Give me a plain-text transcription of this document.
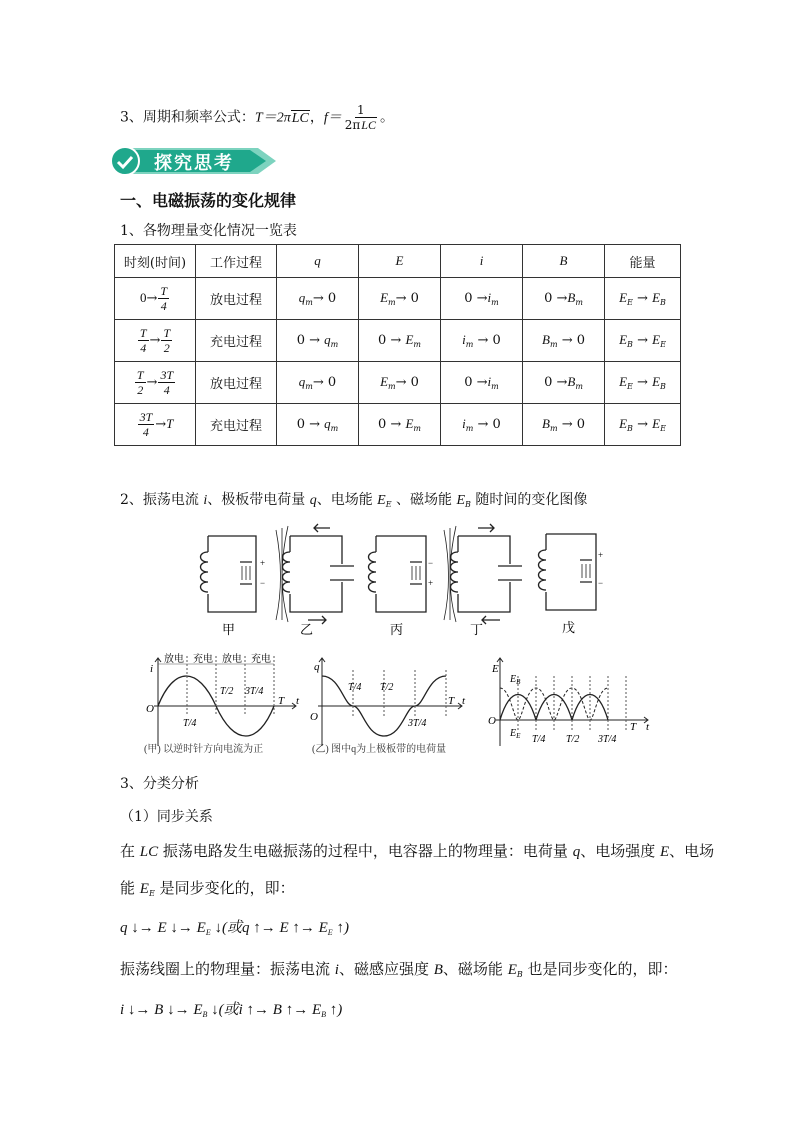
3、周期和频率公式：T＝2πLC，$f= \frac{1}{\text{2πLC}}$ 。
探究思考
一、电磁振荡的变化规律
1、各物理量变化情况一览表
时刻(时间)	工作过程	q	E	i	B	能量
$0\to \frac{T}{4}$	放电过程	$q_m\to 0$	$E_m\to 0$	$0 \to i_m$	$0 \to B_m$	$E_E \to E_B$

$\frac{T}{4} \to \frac{T}{2}$	充电过程	$0 \to q_m$	$0 \to E_m$	$i_m \to 0$	$B_m \to 0$	$E_B \to E_E$

$\frac{T}{2} \to \frac{3T}{4}$	放电过程	$q_m\to 0$	$E_m\to 0$	$0 \to i_m$	$0 \to B_m$	$E_E \to E_B$

$\frac{3T}{4} \to T$	充电过程	$0 \to q_m$	$0 \to E_m$	$i_m \to 0$	$B_m \to 0$	$E_B \to E_E$
2、振荡电流 i、极板带电荷量 q、电场能 $E_E$ 、磁场能 $E_B$ 随时间的变化图像
+
−
甲	乙
−
+
丙	丁
+
−
戊
放电 充电 放电 充电
i
O
T t
T/4
T/2 3T/4
(甲) 以逆时针方向电流为正
q
O
T t
T/4 T/2
3T/4
(乙) 图中q为上极板带的电荷量
E
$E_B$
$E_E$
O	T t
T/4 T/2 3T/4
3、分类分析
（1）同步关系
在 LC 振荡电路发生电磁振荡的过程中，电容器上的物理量：电荷量 q、电场强度 E、电场
能 $E_E$ 是同步变化的，即：
q ↓→ E ↓→ $E_E$ ↓(或q ↑→ E ↑→ $E_E$ ↑)
振荡线圈上的物理量：振荡电流 i、磁感应强度 B、磁场能 $E_B$ 也是同步变化的，即：
i ↓→ B ↓→ $E_B$ ↓(或i ↑→ B ↑→ $E_B$ ↑)
